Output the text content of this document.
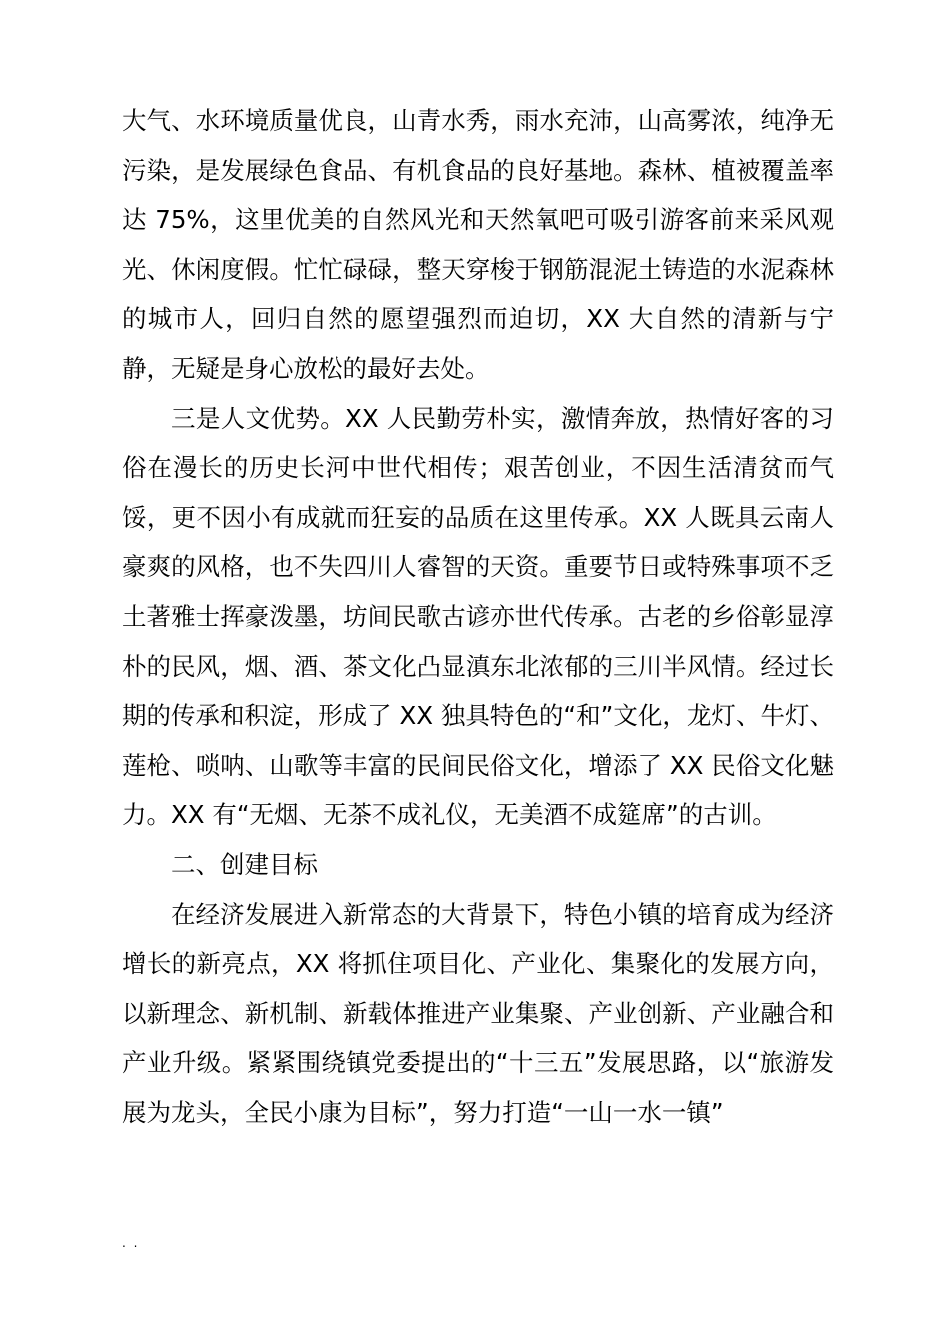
大气、水环境质量优良，山青水秀，雨水充沛，山高雾浓，纯净无污染，是发展绿色食品、有机食品的良好基地。森林、植被覆盖率达 75%，这里优美的自然风光和天然氧吧可吸引游客前来采风观光、休闲度假。忙忙碌碌，整天穿梭于钢筋混泥土铸造的水泥森林的城市人，回归自然的愿望强烈而迫切，XX 大自然的清新与宁静，无疑是身心放松的最好去处。

三是人文优势。XX 人民勤劳朴实，激情奔放，热情好客的习俗在漫长的历史长河中世代相传；艰苦创业，不因生活清贫而气馁，更不因小有成就而狂妄的品质在这里传承。XX 人既具云南人豪爽的风格，也不失四川人睿智的天资。重要节日或特殊事项不乏土著雅士挥豪泼墨，坊间民歌古谚亦世代传承。古老的乡俗彰显淳朴的民风，烟、酒、茶文化凸显滇东北浓郁的三川半风情。经过长期的传承和积淀，形成了 XX 独具特色的“和”文化，龙灯、牛灯、莲枪、唢呐、山歌等丰富的民间民俗文化，增添了 XX 民俗文化魅力。XX 有“无烟、无茶不成礼仪，无美酒不成筵席”的古训。

二、创建目标

在经济发展进入新常态的大背景下，特色小镇的培育成为经济增长的新亮点，XX 将抓住项目化、产业化、集聚化的发展方向，以新理念、新机制、新载体推进产业集聚、产业创新、产业融合和产业升级。紧紧围绕镇党委提出的“十三五”发展思路，以“旅游发展为龙头，全民小康为目标”，努力打造“一山一水一镇”

. .
